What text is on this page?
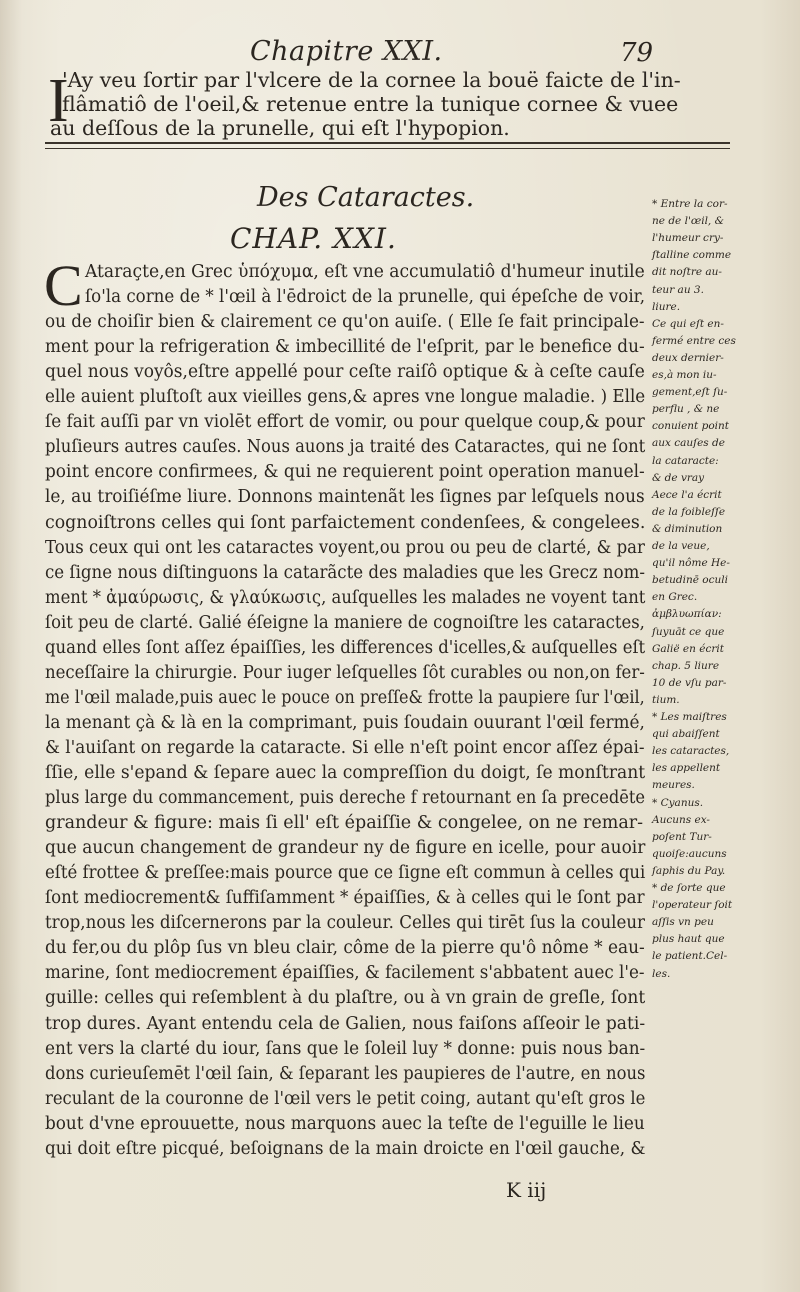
Chapitre XXI.	79
I
'Ay veu ſortir par l'vlcere de la cornee la bouë faicte de l'in-
flâmatiô de l'oeil,& retenue entre la tunique cornee & vuee
au deſſous de la prunelle, qui eſt l'hypopion.
Des Cataractes.
CHAP. XXI.
C Ataraçte,en Grec ὑπόχυμα, eſt vne accumulatiô d'humeur inutile
ſo'la corne de * l'œil à l'ēdroict de la prunelle, qui épeſche de voir,
ou de choiſir bien & clairement ce qu'on auiſe. ( Elle ſe fait principale-
ment pour la refrigeration & imbecillité de l'eſprit, par le benefice du-
quel nous voyôs,eſtre appellé pour ceſte raiſô optique & à ceſte cauſe
elle auient pluſtoſt aux vieilles gens,& apres vne longue maladie. ) Elle
ſe fait auſſi par vn violēt effort de vomir, ou pour quelque coup,& pour
pluſieurs autres cauſes. Nous auons ja traité des Cataractes, qui ne ſont
point encore confirmees, & qui ne requierent point operation manuel-
le, au troiſiéſme liure. Donnons maintenãt les ſignes par leſquels nous
cognoiſtrons celles qui ſont parfaictement condenſees, & congelees.
Tous ceux qui ont les cataractes voyent,ou prou ou peu de clarté, & par
ce ſigne nous diſtinguons la catarãcte des maladies que les Grecz nom-
ment * ἀμαύρωσις, & γλαύκωσις, auſquelles les malades ne voyent tant
ſoit peu de clarté. Galié éſeigne la maniere de cognoiſtre les cataractes,
quand elles ſont aſſez épaiſſies, les differences d'icelles,& auſquelles eſt
neceſſaire la chirurgie. Pour iuger leſquelles ſôt curables ou non,on fer-
me l'œil malade,puis auec le pouce on preſſe& frotte la paupiere ſur l'œil,
la menant çà & là en la comprimant, puis ſoudain ouurant l'œil fermé,
& l'auiſant on regarde la cataracte. Si elle n'eſt point encor aſſez épai-
ſſie, elle s'epand & ſepare auec la compreſſion du doigt, ſe monſtrant
plus large du commancement, puis dereche f retournant en ſa precedēte
grandeur & figure: mais ſi ell' eſt épaiſſie & congelee, on ne remar-
que aucun changement de grandeur ny de figure en icelle, pour auoir
eſté frottee & preſſee:mais pource que ce ſigne eſt commun à celles qui
ſont mediocrement& ſuffiſamment * épaiſſies, & à celles qui le ſont par
trop,nous les diſcernerons par la couleur. Celles qui tirēt ſus la couleur
du fer,ou du plôp ſus vn bleu clair, côme de la pierre qu'ô nôme * eau-
marine, ſont mediocrement épaiſſies, & facilement s'abbatent auec l'e-
guille: celles qui reſemblent à du plaſtre, ou à vn grain de greſle, ſont
trop dures. Ayant entendu cela de Galien, nous faiſons aſſeoir le pati-
ent vers la clarté du iour, ſans que le ſoleil luy * donne: puis nous ban-
dons curieuſemēt l'œil ſain, & ſeparant les paupieres de l'autre, en nous
reculant de la couronne de l'œil vers le petit coing, autant qu'eſt gros le
bout d'vne eprouuette, nous marquons auec la teſte de l'eguille le lieu
qui doit eſtre picqué, beſoignans de la main droicte en l'œil gauche, &
* Entre la cor-
ne de l'œil, &
l'humeur cry-
ſtalline comme
dit noſtre au-
teur au 3.
liure.
Ce qui eſt en-
fermé entre ces
deux dernier-
es,à mon iu-
gement,eſt ſu-
perflu , & ne
conuient point
aux cauſes de
la cataracte:
& de vray
Aece l'a écrit
de la foibleſſe
& diminution
de la veue,
qu'il nôme He-
betudinē oculi
en Grec.
ἀμβλυωπίαν:
ſuyuāt ce que
Galië en écrit
chap. 5 liure
10 de vſu par-
tium.
* Les maiſtres
qui abaiſſent
les cataractes,
les appellent
meures.
* Cyanus.
Aucuns ex-
poſent Tur-
quoiſe:aucuns
ſaphis du Pay.
* de ſorte que
l'operateur ſoit
aſſis vn peu
plus haut que
le patient.Cel-
les.
K iij
